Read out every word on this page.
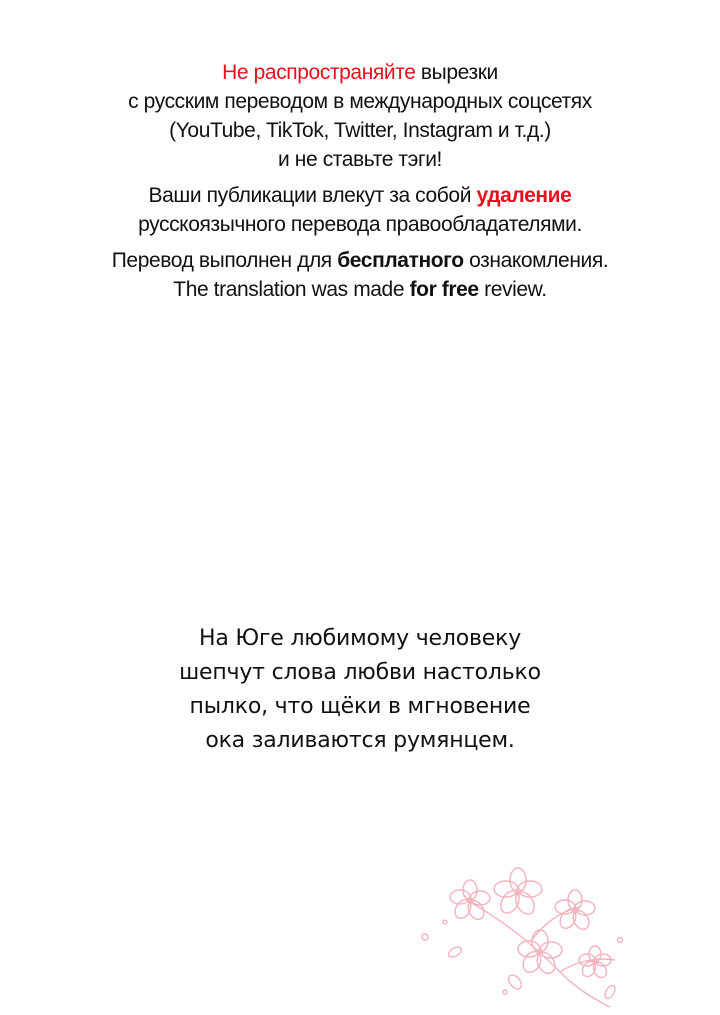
Не распространяйте вырезки

с русским переводом в международных соцсетях

(YouTube, TikTok, Twitter, Instagram и т.д.)

и не ставьте тэги!

Ваши публикации влекут за собой удаление

русскоязычного перевода правообладателями.

Перевод выполнен для бесплатного ознакомления.

The translation was made for free review.

На Юге любимому человеку

шепчут слова любви настолько

пылко, что щёки в мгновение

ока заливаются румянцем.
